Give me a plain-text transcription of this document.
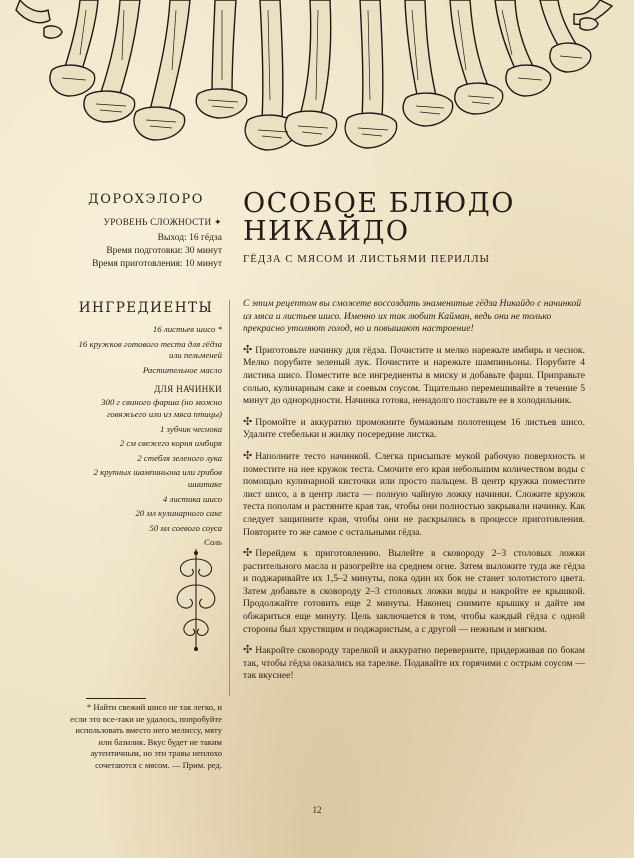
ДОРОХЭЛОРО
УРОВЕНЬ СЛОЖНОСТИ ✦
Выход: 16 гёдза
Время подготовки: 30 минут
Время приготовления: 10 минут
ИНГРЕДИЕНТЫ
16 листьев шисо *
16 кружков готового теста для гёдза или пельменей
Растительное масло
ДЛЯ НАЧИНКИ
300 г свиного фарша (но можно говяжьего или из мяса птицы)
1 зубчик чеснока
2 см свежего корня имбиря
2 стебля зеленого лука
2 крупных шампиньона или грибов шиитаке
4 листика шисо
20 мл кулинарного саке
50 мл соевого соуса
Соль
* Найти свежий шисо не так легко, и если это все-таки не удалось, попробуйте использовать вместо него мелиссу, мяту или базилик. Вкус будет не таким аутентичным, но эти травы неплохо сочетаются с мясом. — Прим. ред.
ОСОБОЕ БЛЮДО
НИКАЙДО
ГЁДЗА С МЯСОМ И ЛИСТЬЯМИ ПЕРИЛЛЫ

С этим рецептом вы сможете воссоздать знаменитые гёдза Никайдо с начинкой из мяса и листьев шисо. Именно их так любит Кайман, ведь они не только прекрасно утоляют голод, но и повышают настроение!

✣ Приготовьте начинку для гёдза. Почистите и мелко нарежьте имбирь и чеснок. Мелко порубите зеленый лук. Почистите и нарежьте шампиньоны. Порубите 4 листика шисо. Поместите все ингредиенты в миску и добавьте фарш. Приправьте солью, кулинарным саке и соевым соусом. Тщательно перемешивайте в течение 5 минут до однородности. Начинка готова, ненадолго поставьте ее в холодильник.

✣ Промойте и аккуратно промокните бумажным полотенцем 16 листьев шисо. Удалите стебельки и жилку посередине листка.

✣ Наполните тесто начинкой. Слегка присыпьте мукой рабочую поверхность и поместите на нее кружок теста. Смочите его края небольшим количеством воды с помощью кулинарной кисточки или просто пальцем. В центр кружка поместите лист шисо, а в центр листа — полную чайную ложку начинки. Сложите кружок теста пополам и растяните края так, чтобы они полностью закрывали начинку. Как следует защипните края, чтобы они не раскрылись в процессе приготовления. Повторите то же самое с остальными гёдза.

✣ Перейдем к приготовлению. Вылейте в сковороду 2–3 столовых ложки растительного масла и разогрейте на среднем огне. Затем выложите туда же гёдза и поджаривайте их 1,5–2 минуты, пока один их бок не станет золотистого цвета. Затем добавьте в сковороду 2–3 столовых ложки воды и накройте ее крышкой. Продолжайте готовить еще 2 минуты. Наконец снимите крышку и дайте им обжариться еще минуту. Цель заключается в том, чтобы каждый гёдза с одной стороны был хрустящим и поджаристым, а с другой — нежным и мягким.

✣ Накройте сковороду тарелкой и аккуратно переверните, придерживая по бокам так, чтобы гёдза оказались на тарелке. Подавайте их горячими с острым соусом — так вкуснее!

12
